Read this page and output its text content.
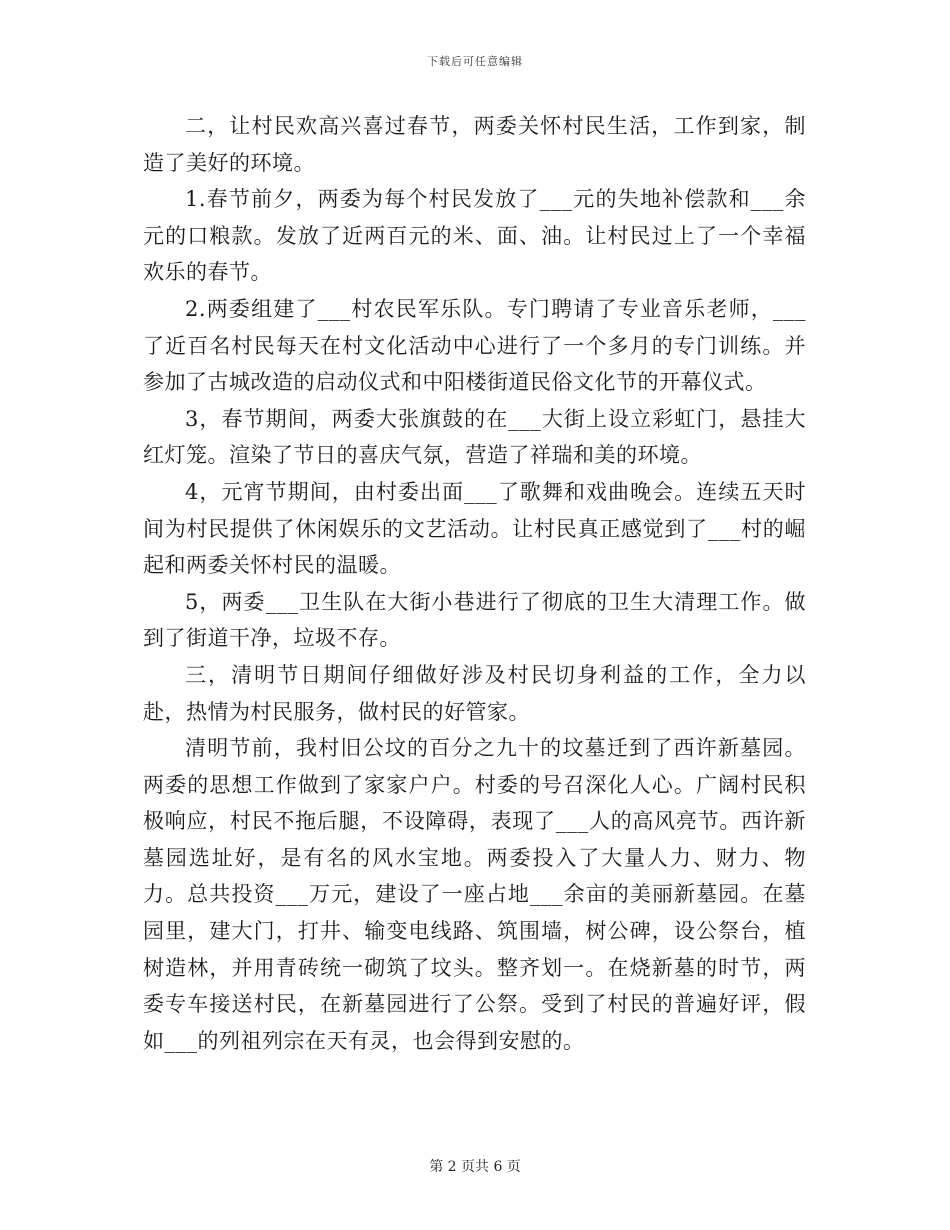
下载后可任意编辑

二，让村民欢高兴喜过春节，两委关怀村民生活，工作到家，制造了美好的环境。

1.春节前夕，两委为每个村民发放了___元的失地补偿款和___余元的口粮款。发放了近两百元的米、面、油。让村民过上了一个幸福欢乐的春节。

2.两委组建了___村农民军乐队。专门聘请了专业音乐老师，___了近百名村民每天在村文化活动中心进行了一个多月的专门训练。并参加了古城改造的启动仪式和中阳楼街道民俗文化节的开幕仪式。

3，春节期间，两委大张旗鼓的在___大街上设立彩虹门，悬挂大红灯笼。渲染了节日的喜庆气氛，营造了祥瑞和美的环境。

4，元宵节期间，由村委出面___了歌舞和戏曲晚会。连续五天时间为村民提供了休闲娱乐的文艺活动。让村民真正感觉到了___村的崛起和两委关怀村民的温暖。

5，两委___卫生队在大街小巷进行了彻底的卫生大清理工作。做到了街道干净，垃圾不存。

三，清明节日期间仔细做好涉及村民切身利益的工作，全力以赴，热情为村民服务，做村民的好管家。

清明节前，我村旧公坟的百分之九十的坟墓迁到了西许新墓园。两委的思想工作做到了家家户户。村委的号召深化人心。广阔村民积极响应，村民不拖后腿，不设障碍，表现了___人的高风亮节。西许新墓园选址好，是有名的风水宝地。两委投入了大量人力、财力、物力。总共投资___万元，建设了一座占地___余亩的美丽新墓园。在墓园里，建大门，打井、输变电线路、筑围墙，树公碑，设公祭台，植树造林，并用青砖统一砌筑了坟头。整齐划一。在烧新墓的时节，两委专车接送村民，在新墓园进行了公祭。受到了村民的普遍好评，假如___的列祖列宗在天有灵，也会得到安慰的。

第 2 页共 6 页
